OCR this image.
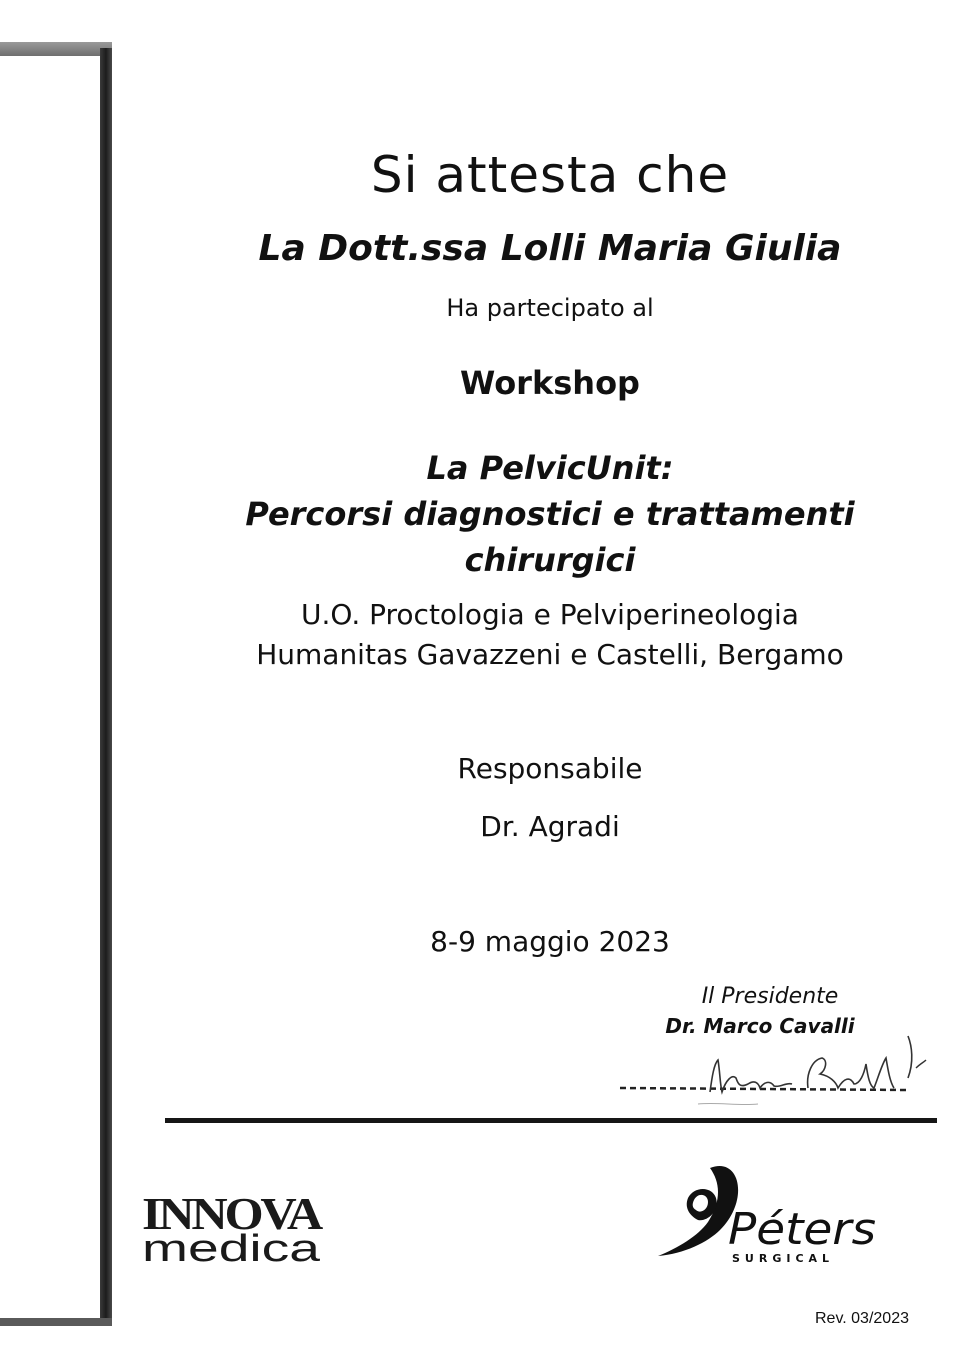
Si attesta che
La Dott.ssa Lolli Maria Giulia
Ha partecipato al
Workshop
La PelvicUnit:
Percorsi diagnostici e trattamenti
chirurgici
U.O. Proctologia e Pelviperineologia
Humanitas Gavazzeni e Castelli, Bergamo
Responsabile
Dr. Agradi
8-9 maggio 2023
Il Presidente
Dr. Marco Cavalli
INNOVA
medica	Péters
SURGICAL
Rev. 03/2023
